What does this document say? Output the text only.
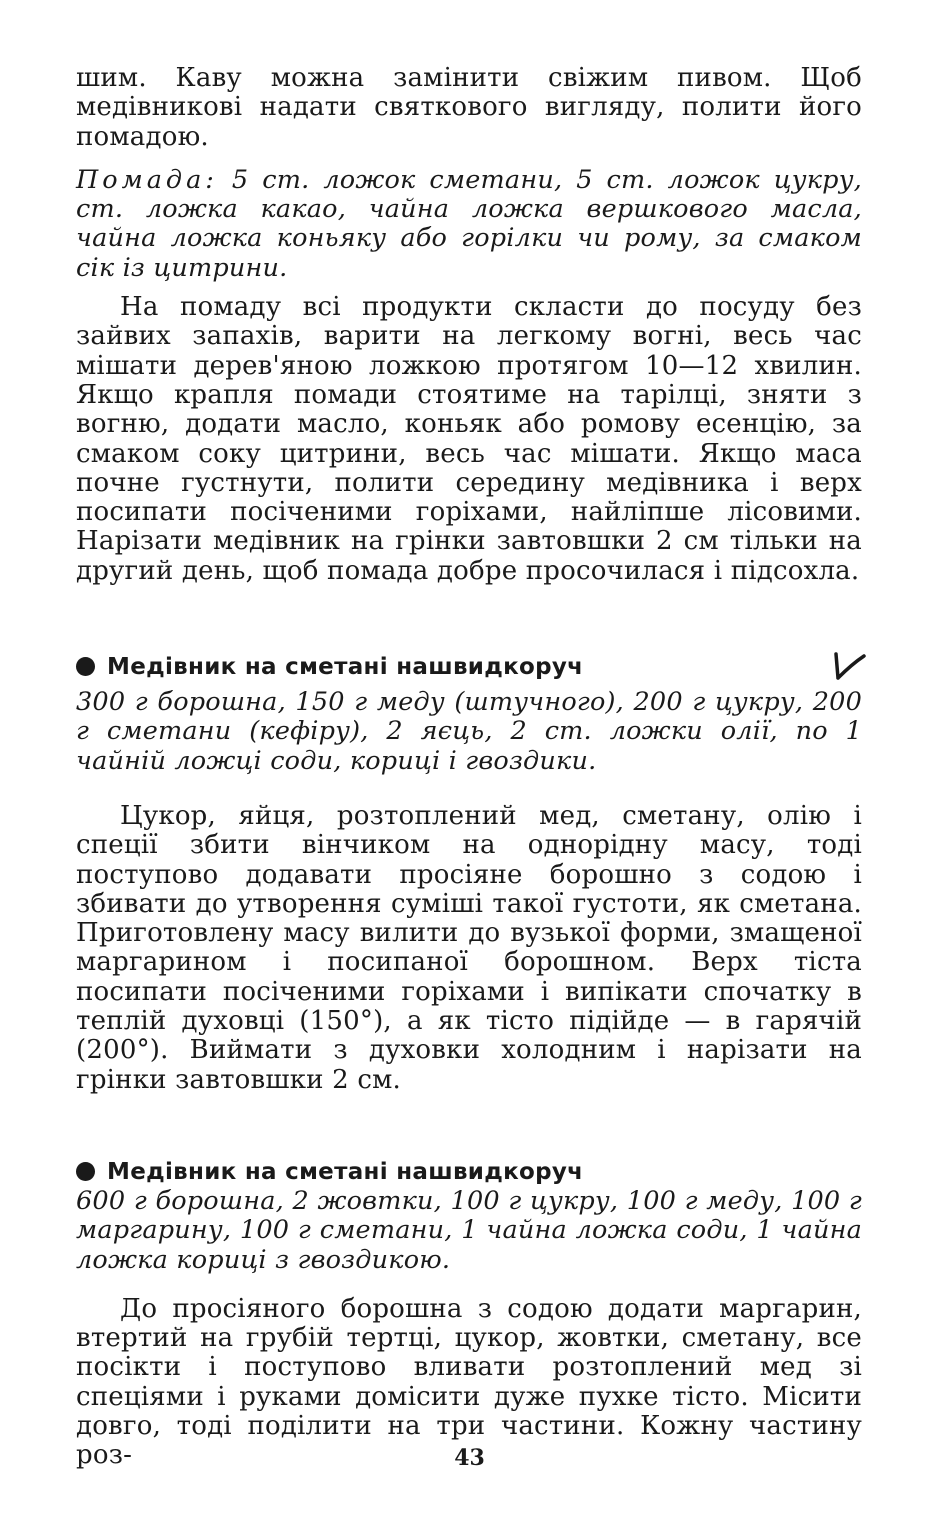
шим. Каву можна замінити свіжим пивом. Щоб медівникові надати святкового вигляду, полити його помадою.

Помада: 5 ст. ложок сметани, 5 ст. ложок цукру, ст. ложка какао, чайна ложка вершкового масла, чайна ложка коньяку або горілки чи рому, за смаком сік із цитрини.

На помаду всі продукти скласти до посуду без зайвих запахів, варити на легкому вогні, весь час мішати дерев'яною ложкою протягом 10—12 хвилин. Якщо крапля помади стоятиме на тарілці, зняти з вогню, додати масло, коньяк або ромову есенцію, за смаком соку цитрини, весь час мішати. Якщо маса почне густнути, полити середину медівника і верх посипати посіченими горіхами, найліпше лісовими. Нарізати медівник на грінки завтовшки 2 см тільки на другий день, щоб помада добре просочилася і підсохла.

Медівник на сметані нашвидкоруч

300 г борошна, 150 г меду (штучного), 200 г цукру, 200 г сметани (кефіру), 2 яєць, 2 ст. ложки олії, по 1 чайній ложці соди, кориці і гвоздики.

Цукор, яйця, розтоплений мед, сметану, олію і спеції збити вінчиком на однорідну масу, тоді поступово додавати просіяне борошно з содою і збивати до утворення суміші такої густоти, як сметана. Приготовлену масу вилити до вузької форми, змащеної маргарином і посипаної борошном. Верх тіста посипати посіченими горіхами і випікати спочатку в теплій духовці (150°), а як тісто підійде — в гарячій (200°). Виймати з духовки холодним і нарізати на грінки завтовшки 2 см.

Медівник на сметані нашвидкоруч

600 г борошна, 2 жовтки, 100 г цукру, 100 г меду, 100 г маргарину, 100 г сметани, 1 чайна ложка соди, 1 чайна ложка кориці з гвоздикою.

До просіяного борошна з содою додати маргарин, втертий на грубій тертці, цукор, жовтки, сметану, все посікти і поступово вливати розтоплений мед зі спеціями і руками домісити дуже пухке тісто. Місити довго, тоді поділити на три частини. Кожну частину роз-	43
